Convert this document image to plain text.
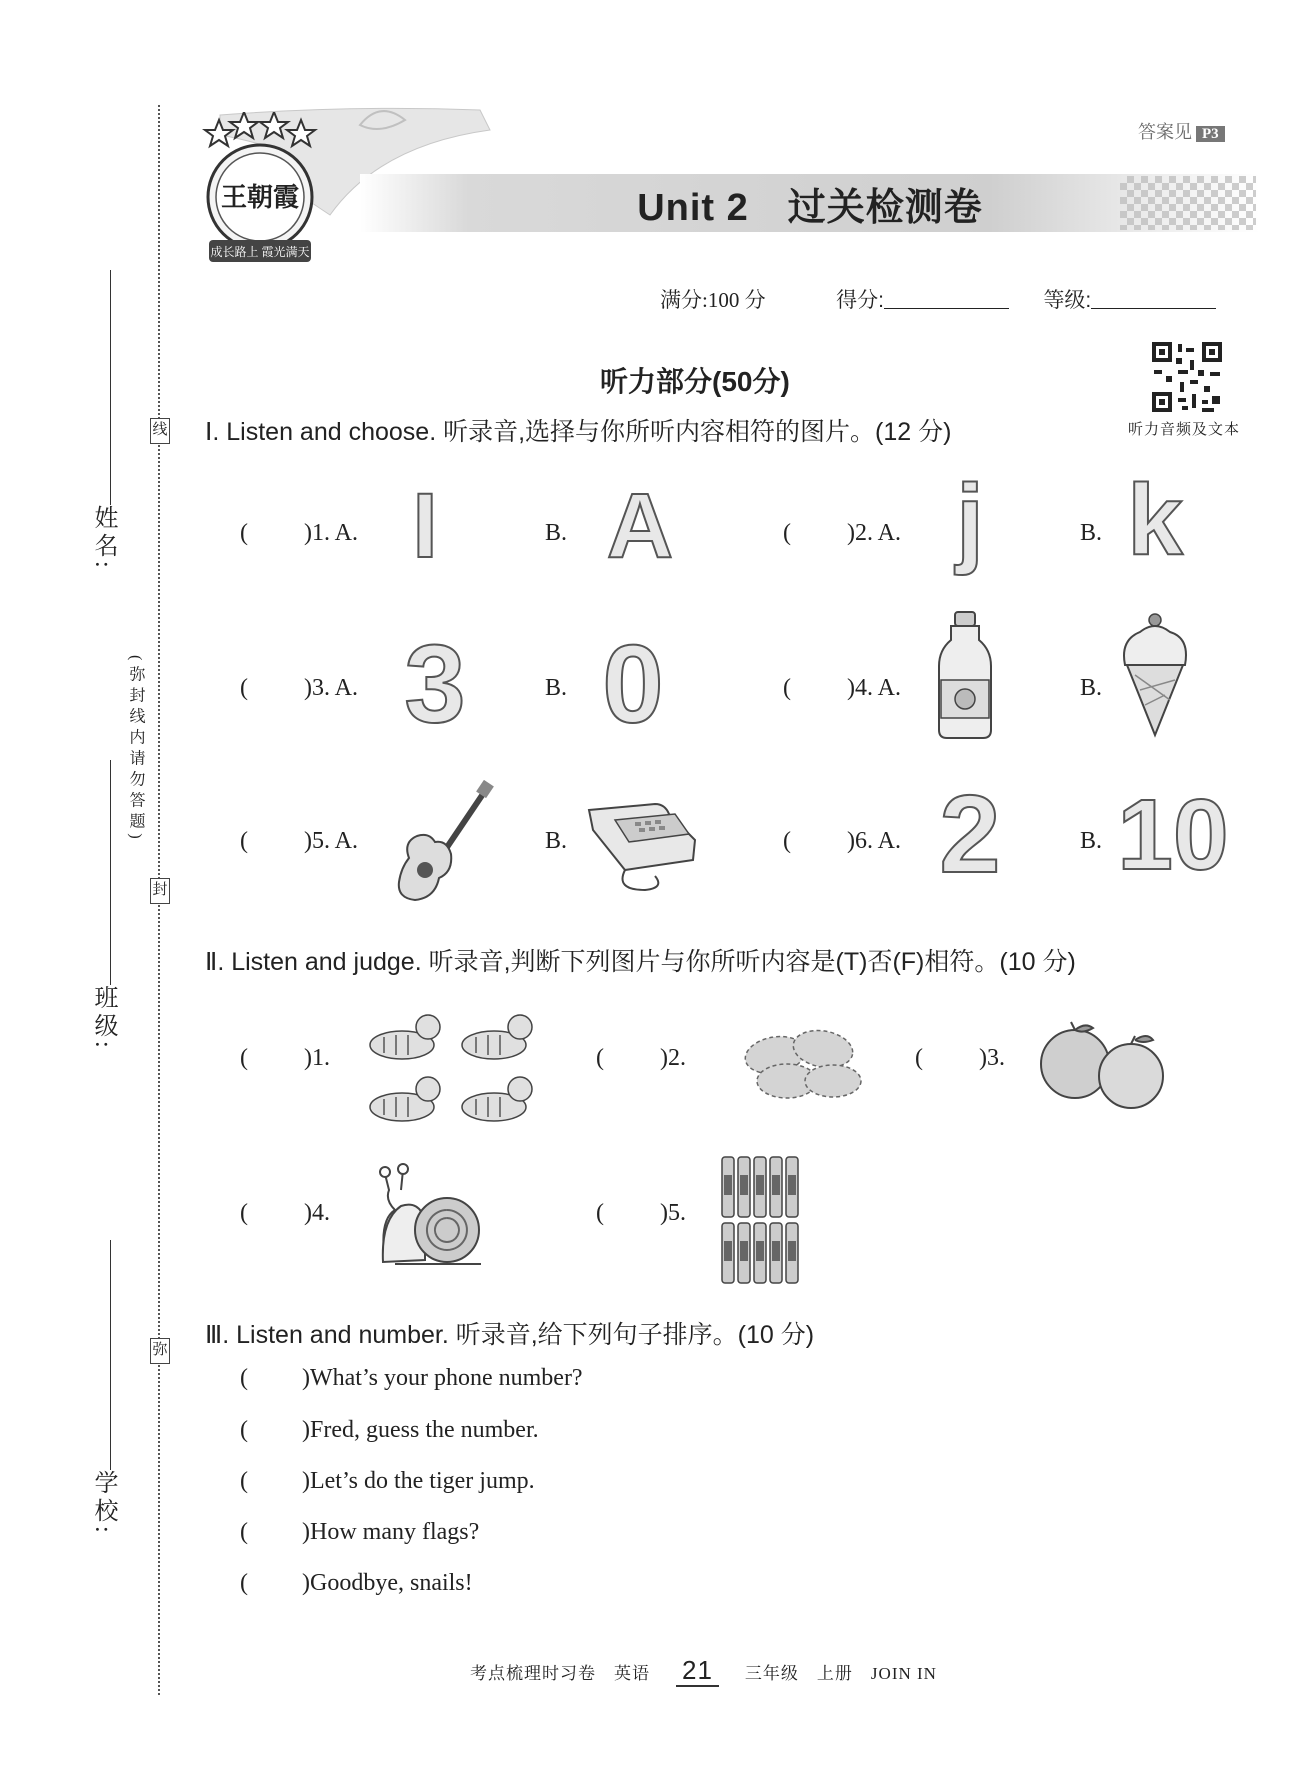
线
封
弥
姓名:
班级:
学校:
(弥封线内请勿答题)
王朝霞
成长路上 霞光满天
答案见 P3
Unit 2　过关检测卷
满分:100 分	得分:	等级:
听力部分(50分)
听力音频及文本
Ⅰ. Listen and choose. 听录音,选择与你所听内容相符的图片。(12 分)
( )1. A. I	B. A	( )2. A. j	B. k
( )3. A. 3	B. 0	( )4. A.	B.
( )5. A.	B.	( )6. A. 2	B. 10
Ⅱ. Listen and judge. 听录音,判断下列图片与你所听内容是(T)否(F)相符。(10 分)
( )1.	( )2.	( )3.
( )4.	( )5.
Ⅲ. Listen and number. 听录音,给下列句子排序。(10 分)
( )What’s your phone number?
( )Fred, guess the number.
( )Let’s do the tiger jump.
( )How many flags?
( )Goodbye, snails!
考点梳理时习卷　英语 21 三年级　上册　JOIN IN
